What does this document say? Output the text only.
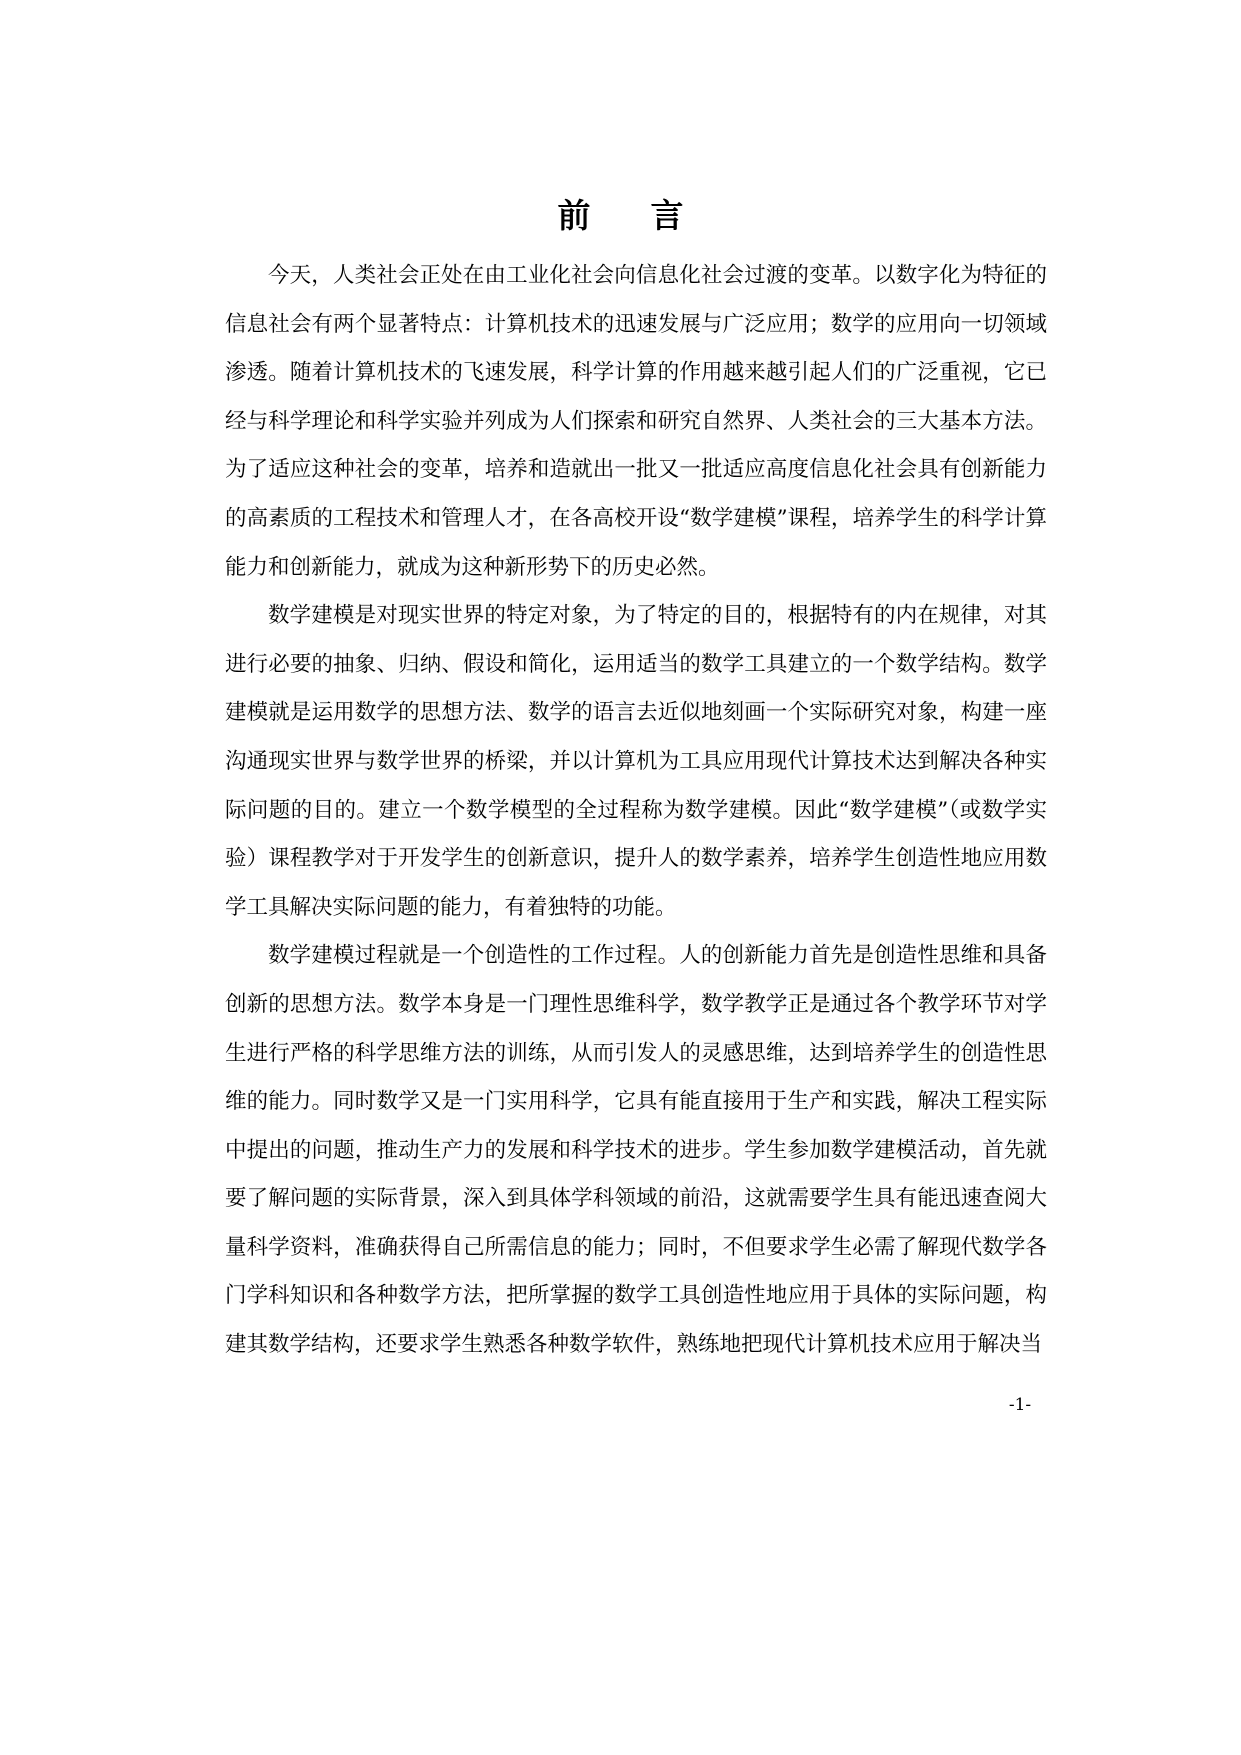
前 言

今天，人类社会正处在由工业化社会向信息化社会过渡的变革。以数字化为特征的信息社会有两个显著特点：计算机技术的迅速发展与广泛应用；数学的应用向一切领域渗透。随着计算机技术的飞速发展，科学计算的作用越来越引起人们的广泛重视，它已经与科学理论和科学实验并列成为人们探索和研究自然界、人类社会的三大基本方法。为了适应这种社会的变革，培养和造就出一批又一批适应高度信息化社会具有创新能力的高素质的工程技术和管理人才，在各高校开设“数学建模”课程，培养学生的科学计算能力和创新能力，就成为这种新形势下的历史必然。

数学建模是对现实世界的特定对象，为了特定的目的，根据特有的内在规律，对其进行必要的抽象、归纳、假设和简化，运用适当的数学工具建立的一个数学结构。数学建模就是运用数学的思想方法、数学的语言去近似地刻画一个实际研究对象，构建一座沟通现实世界与数学世界的桥梁，并以计算机为工具应用现代计算技术达到解决各种实际问题的目的。建立一个数学模型的全过程称为数学建模。因此“数学建模”（或数学实验）课程教学对于开发学生的创新意识，提升人的数学素养，培养学生创造性地应用数学工具解决实际问题的能力，有着独特的功能。

数学建模过程就是一个创造性的工作过程。人的创新能力首先是创造性思维和具备创新的思想方法。数学本身是一门理性思维科学，数学教学正是通过各个教学环节对学生进行严格的科学思维方法的训练，从而引发人的灵感思维，达到培养学生的创造性思维的能力。同时数学又是一门实用科学，它具有能直接用于生产和实践，解决工程实际中提出的问题，推动生产力的发展和科学技术的进步。学生参加数学建模活动，首先就要了解问题的实际背景，深入到具体学科领域的前沿，这就需要学生具有能迅速查阅大量科学资料，准确获得自己所需信息的能力；同时，不但要求学生必需了解现代数学各门学科知识和各种数学方法，把所掌握的数学工具创造性地应用于具体的实际问题，构建其数学结构，还要求学生熟悉各种数学软件，熟练地把现代计算机技术应用于解决当

-1-
